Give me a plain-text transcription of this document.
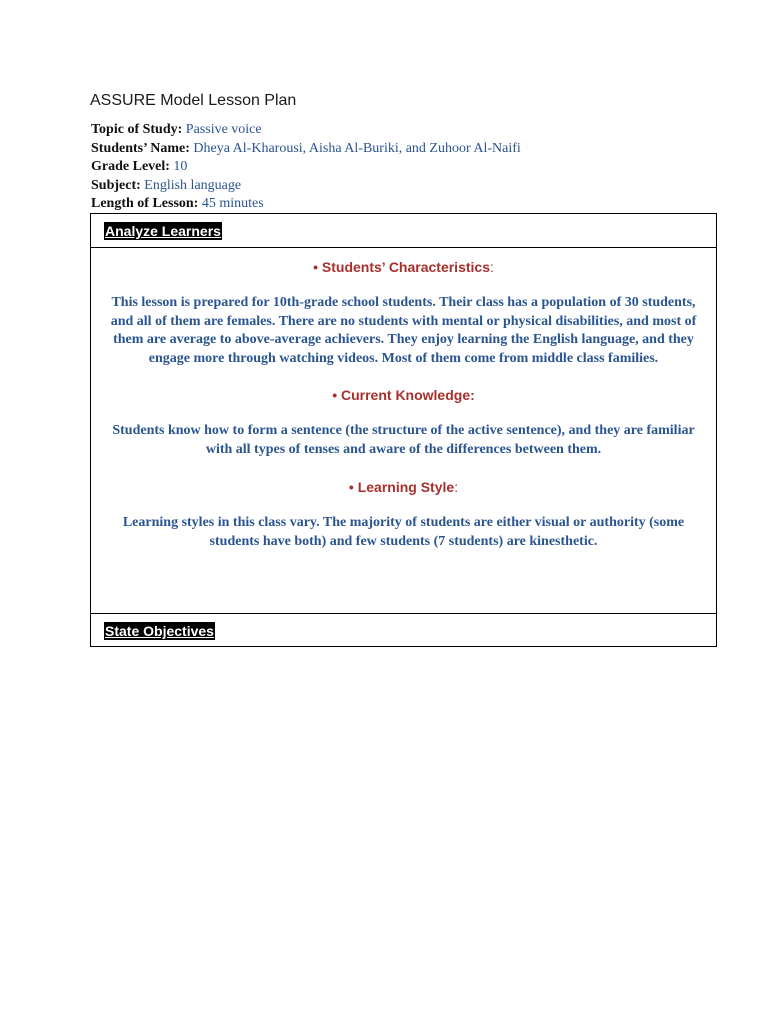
ASSURE Model Lesson Plan
Topic of Study: Passive voice
Students’ Name: Dheya Al-Kharousi, Aisha Al-Buriki, and Zuhoor Al-Naifi
Grade Level: 10
Subject: English language
Length of Lesson: 45 minutes
Analyze Learners

• Students’ Characteristics:

This lesson is prepared for 10th-grade school students. Their class has a population of 30 students, and all of them are females. There are no students with mental or physical disabilities, and most of them are average to above-average achievers. They enjoy learning the English language, and they engage more through watching videos. Most of them come from middle class families.

• Current Knowledge:

Students know how to form a sentence (the structure of the active sentence), and they are familiar with all types of tenses and aware of the differences between them.

• Learning Style:

Learning styles in this class vary. The majority of students are either visual or authority (some students have both) and few students (7 students) are kinesthetic.

State Objectives
